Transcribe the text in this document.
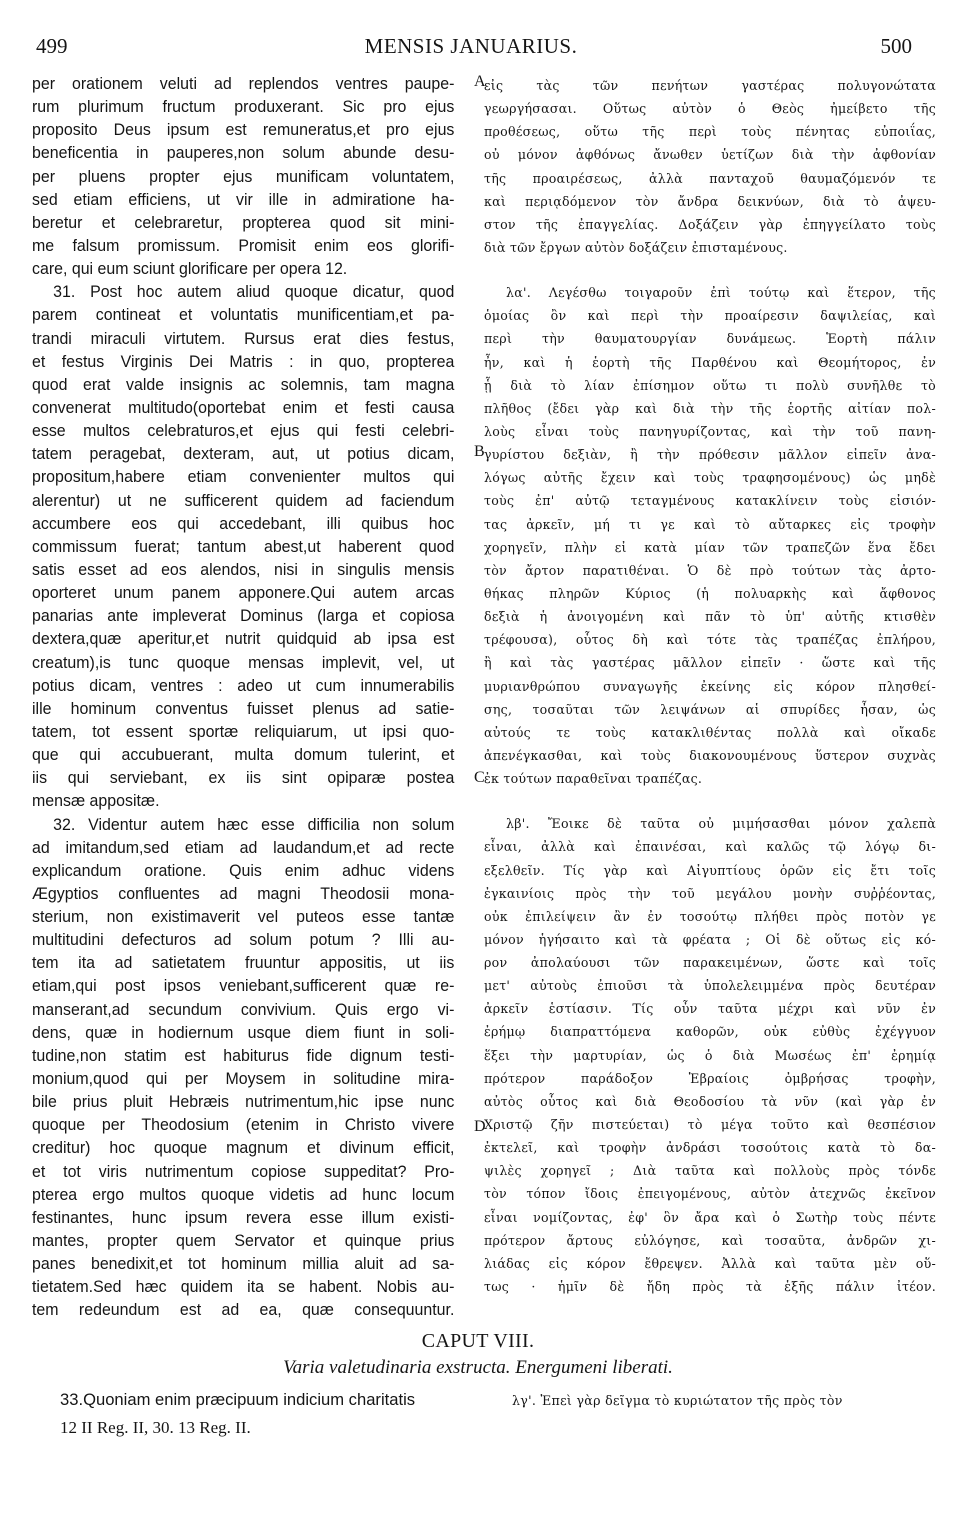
499	MENSIS JANUARIUS.	500
per orationem veluti ad replendos ventres paupe-
rum plurimum fructum produxerant. Sic pro ejus
proposito Deus ipsum est remuneratus,et pro ejus
beneficentia in pauperes,non solum abunde desu-
per pluens propter ejus munificam voluntatem,
sed etiam efficiens, ut vir ille in admiratione ha-
beretur et celebraretur, propterea quod sit mini-
me falsum promissum. Promisit enim eos glorifi-
care, qui eum sciunt glorificare per opera 12.
31. Post hoc autem aliud quoque dicatur, quod
parem contineat et voluntatis munificentiam,et pa-
trandi miraculi virtutem. Rursus erat dies festus,
et festus Virginis Dei Matris : in quo, propterea
quod erat valde insignis ac solemnis, tam magna
convenerat multitudo(oportebat enim et festi causa
esse multos celebraturos,et ejus qui festi celebri-
tatem peragebat, dexteram, aut, ut potius dicam,
propositum,habere etiam convenienter multos qui
alerentur) ut ne sufficerent quidem ad faciendum
accumbere eos qui accedebant, illi quibus hoc
commissum fuerat; tantum abest,ut haberent quod
satis esset ad eos alendos, nisi in singulis mensis
oporteret unum panem apponere.Qui autem arcas
panarias ante impleverat Dominus (larga et copiosa
dextera,quæ aperitur,et nutrit quidquid ab ipsa est
creatum),is tunc quoque mensas implevit, vel, ut
potius dicam, ventres : adeo ut cum innumerabilis
ille hominum conventus fuisset plenus ad satie-
tatem, tot essent sportæ reliquiarum, ut ipsi quo-
que qui accubuerant, multa domum tulerint, et
iis qui serviebant, ex iis sint opiparæ postea
mensæ appositæ.
32. Videntur autem hæc esse difficilia non solum
ad imitandum,sed etiam ad laudandum,et ad recte
explicandum oratione. Quis enim adhuc videns
Ægyptios confluentes ad magni Theodosii mona-
sterium, non existimaverit vel puteos esse tantæ
multitudini defecturos ad solum potum ? Illi au-
tem ita ad satietatem fruuntur appositis, ut iis
etiam,qui post ipsos veniebant,sufficerent quæ re-
manserant,ad secundum convivium. Quis ergo vi-
dens, quæ in hodiernum usque diem fiunt in soli-
tudine,non statim est habiturus fide dignum testi-
monium,quod qui per Moysem in solitudine mira-
bile prius pluit Hebræis nutrimentum,hic ipse nunc
quoque per Theodosium (etenim in Christo vivere
creditur) hoc quoque magnum et divinum efficit,
et tot viris nutrimentum copiose suppeditat? Pro-
pterea ergo multos quoque videtis ad hunc locum
festinantes, hunc ipsum revera esse illum existi-
mantes, propter quem Servator et quinque prius
panes benedixit,et tot hominum millia aluit ad sa-
tietatem.Sed hæc quidem ita se habent. Nobis au-
tem redeundum est ad ea, quæ consequuntur.
εἰς τὰς τῶν πενήτων γαστέρας πολυγονώτατα
γεωργήσασαι. Οὕτως αὐτὸν ὁ Θεὸς ἠμείβετο τῆς
προθέσεως, οὕτω τῆς περὶ τοὺς πένητας εὐποιΐας,
οὐ μόνον ἀφθόνως ἄνωθεν ὑετίζων διὰ τὴν ἀφθονίαν
τῆς προαιρέσεως, ἀλλὰ πανταχοῦ θαυμαζόμενόν τε
καὶ περιᾳδόμενον τὸν ἄνδρα δεικνύων, διὰ τὸ ἀψευ-
στον τῆς ἐπαγγελίας. Δοξάζειν γὰρ ἐπηγγείλατο τοὺς
διὰ τῶν ἔργων αὐτὸν δοξάζειν ἐπισταμένους.
λα'. Λεγέσθω τοιγαροῦν ἐπὶ τούτῳ καὶ ἕτερον, τῆς
ὁμοίας ὂν καὶ περὶ τὴν προαίρεσιν δαψιλείας, καὶ
περὶ τὴν θαυματουργίαν δυνάμεως. Ἑορτὴ πάλιν
ἦν, καὶ ἡ ἑορτὴ τῆς Παρθένου καὶ Θεομήτορος, ἐν
ᾗ διὰ τὸ λίαν ἐπίσημον οὕτω τι πολὺ συνῆλθε τὸ
πλῆθος (ἔδει γὰρ καὶ διὰ τὴν τῆς ἑορτῆς αἰτίαν πολ-
λοὺς εἶναι τοὺς πανηγυρίζοντας, καὶ τὴν τοῦ πανη-
γυρίστου δεξιὰν, ἢ τὴν πρόθεσιν μᾶλλον εἰπεῖν ἀνα-
λόγως αὐτῆς ἔχειν καὶ τοὺς τραφησομένους) ὡς μηδὲ
τοὺς ἐπ' αὐτῷ τεταγμένους κατακλίνειν τοὺς εἰσιόν-
τας ἀρκεῖν, μή τι γε καὶ τὸ αὔταρκες εἰς τροφὴν
χορηγεῖν, πλὴν εἰ κατὰ μίαν τῶν τραπεζῶν ἕνα ἔδει
τὸν ἄρτον παρατιθέναι. Ὁ δὲ πρὸ τούτων τὰς ἀρτο-
θήκας πληρῶν Κύριος (ἡ πολυαρκὴς καὶ ἄφθονος
δεξιὰ ἡ ἀνοιγομένη καὶ πᾶν τὸ ὑπ' αὐτῆς κτισθὲν
τρέφουσα), οὗτος δὴ καὶ τότε τὰς τραπέζας ἐπλήρου,
ἢ καὶ τὰς γαστέρας μᾶλλον εἰπεῖν · ὥστε καὶ τῆς
μυριανθρώπου συναγωγῆς ἐκείνης εἰς κόρον πλησθεί-
σης, τοσαῦται τῶν λειψάνων αἱ σπυρίδες ἦσαν, ὡς
αὐτούς τε τοὺς κατακλιθέντας πολλὰ καὶ οἴκαδε
ἀπενέγκασθαι, καὶ τοὺς διακονουμένους ὕστερον συχνὰς
ἐκ τούτων παραθεῖναι τραπέζας.
λβ'. Ἔοικε δὲ ταῦτα οὐ μιμήσασθαι μόνον χαλεπὰ
εἶναι, ἀλλὰ καὶ ἐπαινέσαι, καὶ καλῶς τῷ λόγῳ δι-
εξελθεῖν. Τίς γὰρ καὶ Αἰγυπτίους ὁρῶν εἰς ἔτι τοῖς
ἐγκαινίοις πρὸς τὴν τοῦ μεγάλου μονὴν συῤῥέοντας,
οὐκ ἐπιλείψειν ἂν ἐν τοσούτῳ πλήθει πρὸς ποτὸν γε
μόνον ἡγήσαιτο καὶ τὰ φρέατα ; Οἱ δὲ οὕτως εἰς κό-
ρον ἀπολαύουσι τῶν παρακειμένων, ὥστε καὶ τοῖς
μετ' αὐτοὺς ἐπιοῦσι τὰ ὑπολελειμμένα πρὸς δευτέραν
ἀρκεῖν ἑστίασιν. Τίς οὖν ταῦτα μέχρι καὶ νῦν ἐν
ἐρήμῳ διαπραττόμενα καθορῶν, οὐκ εὐθὺς ἐχέγγυον
ἕξει τὴν μαρτυρίαν, ὡς ὁ διὰ Μωσέως ἐπ' ἐρημίᾳ
πρότερον παράδοξον Ἑβραίοις ὀμβρήσας τροφὴν,
αὐτὸς οὗτος καὶ διὰ Θεοδοσίου τὰ νῦν (καὶ γὰρ ἐν
Χριστῷ ζῆν πιστεύεται) τὸ μέγα τοῦτο καὶ θεσπέσιον
ἐκτελεῖ, καὶ τροφὴν ἀνδράσι τοσούτοις κατὰ τὸ δα-
ψιλὲς χορηγεῖ ; Διὰ ταῦτα καὶ πολλοὺς πρὸς τόνδε
τὸν τόπον ἴδοις ἐπειγομένους, αὐτὸν ἀτεχνῶς ἐκεῖνον
εἶναι νομίζοντας, ἐφ' ὃν ἄρα καὶ ὁ Σωτὴρ τοὺς πέντε
πρότερον ἄρτους εὐλόγησε, καὶ τοσαῦτα, ἀνδρῶν χι-
λιάδας εἰς κόρον ἔθρεψεν. Ἀλλὰ καὶ ταῦτα μὲν οὕ-
τως · ἡμῖν δὲ ἤδη πρὸς τὰ ἑξῆς πάλιν ἰτέον.
A
B
C
D
CAPUT VIII.
Varia valetudinaria exstructa. Energumeni liberati.
33.Quoniam enim præcipuum indicium charitatis	λγ'. Ἐπεὶ γὰρ δεῖγμα τὸ κυριώτατον τῆς πρὸς τὸν
12 II Reg. II, 30. 13 Reg. II.
